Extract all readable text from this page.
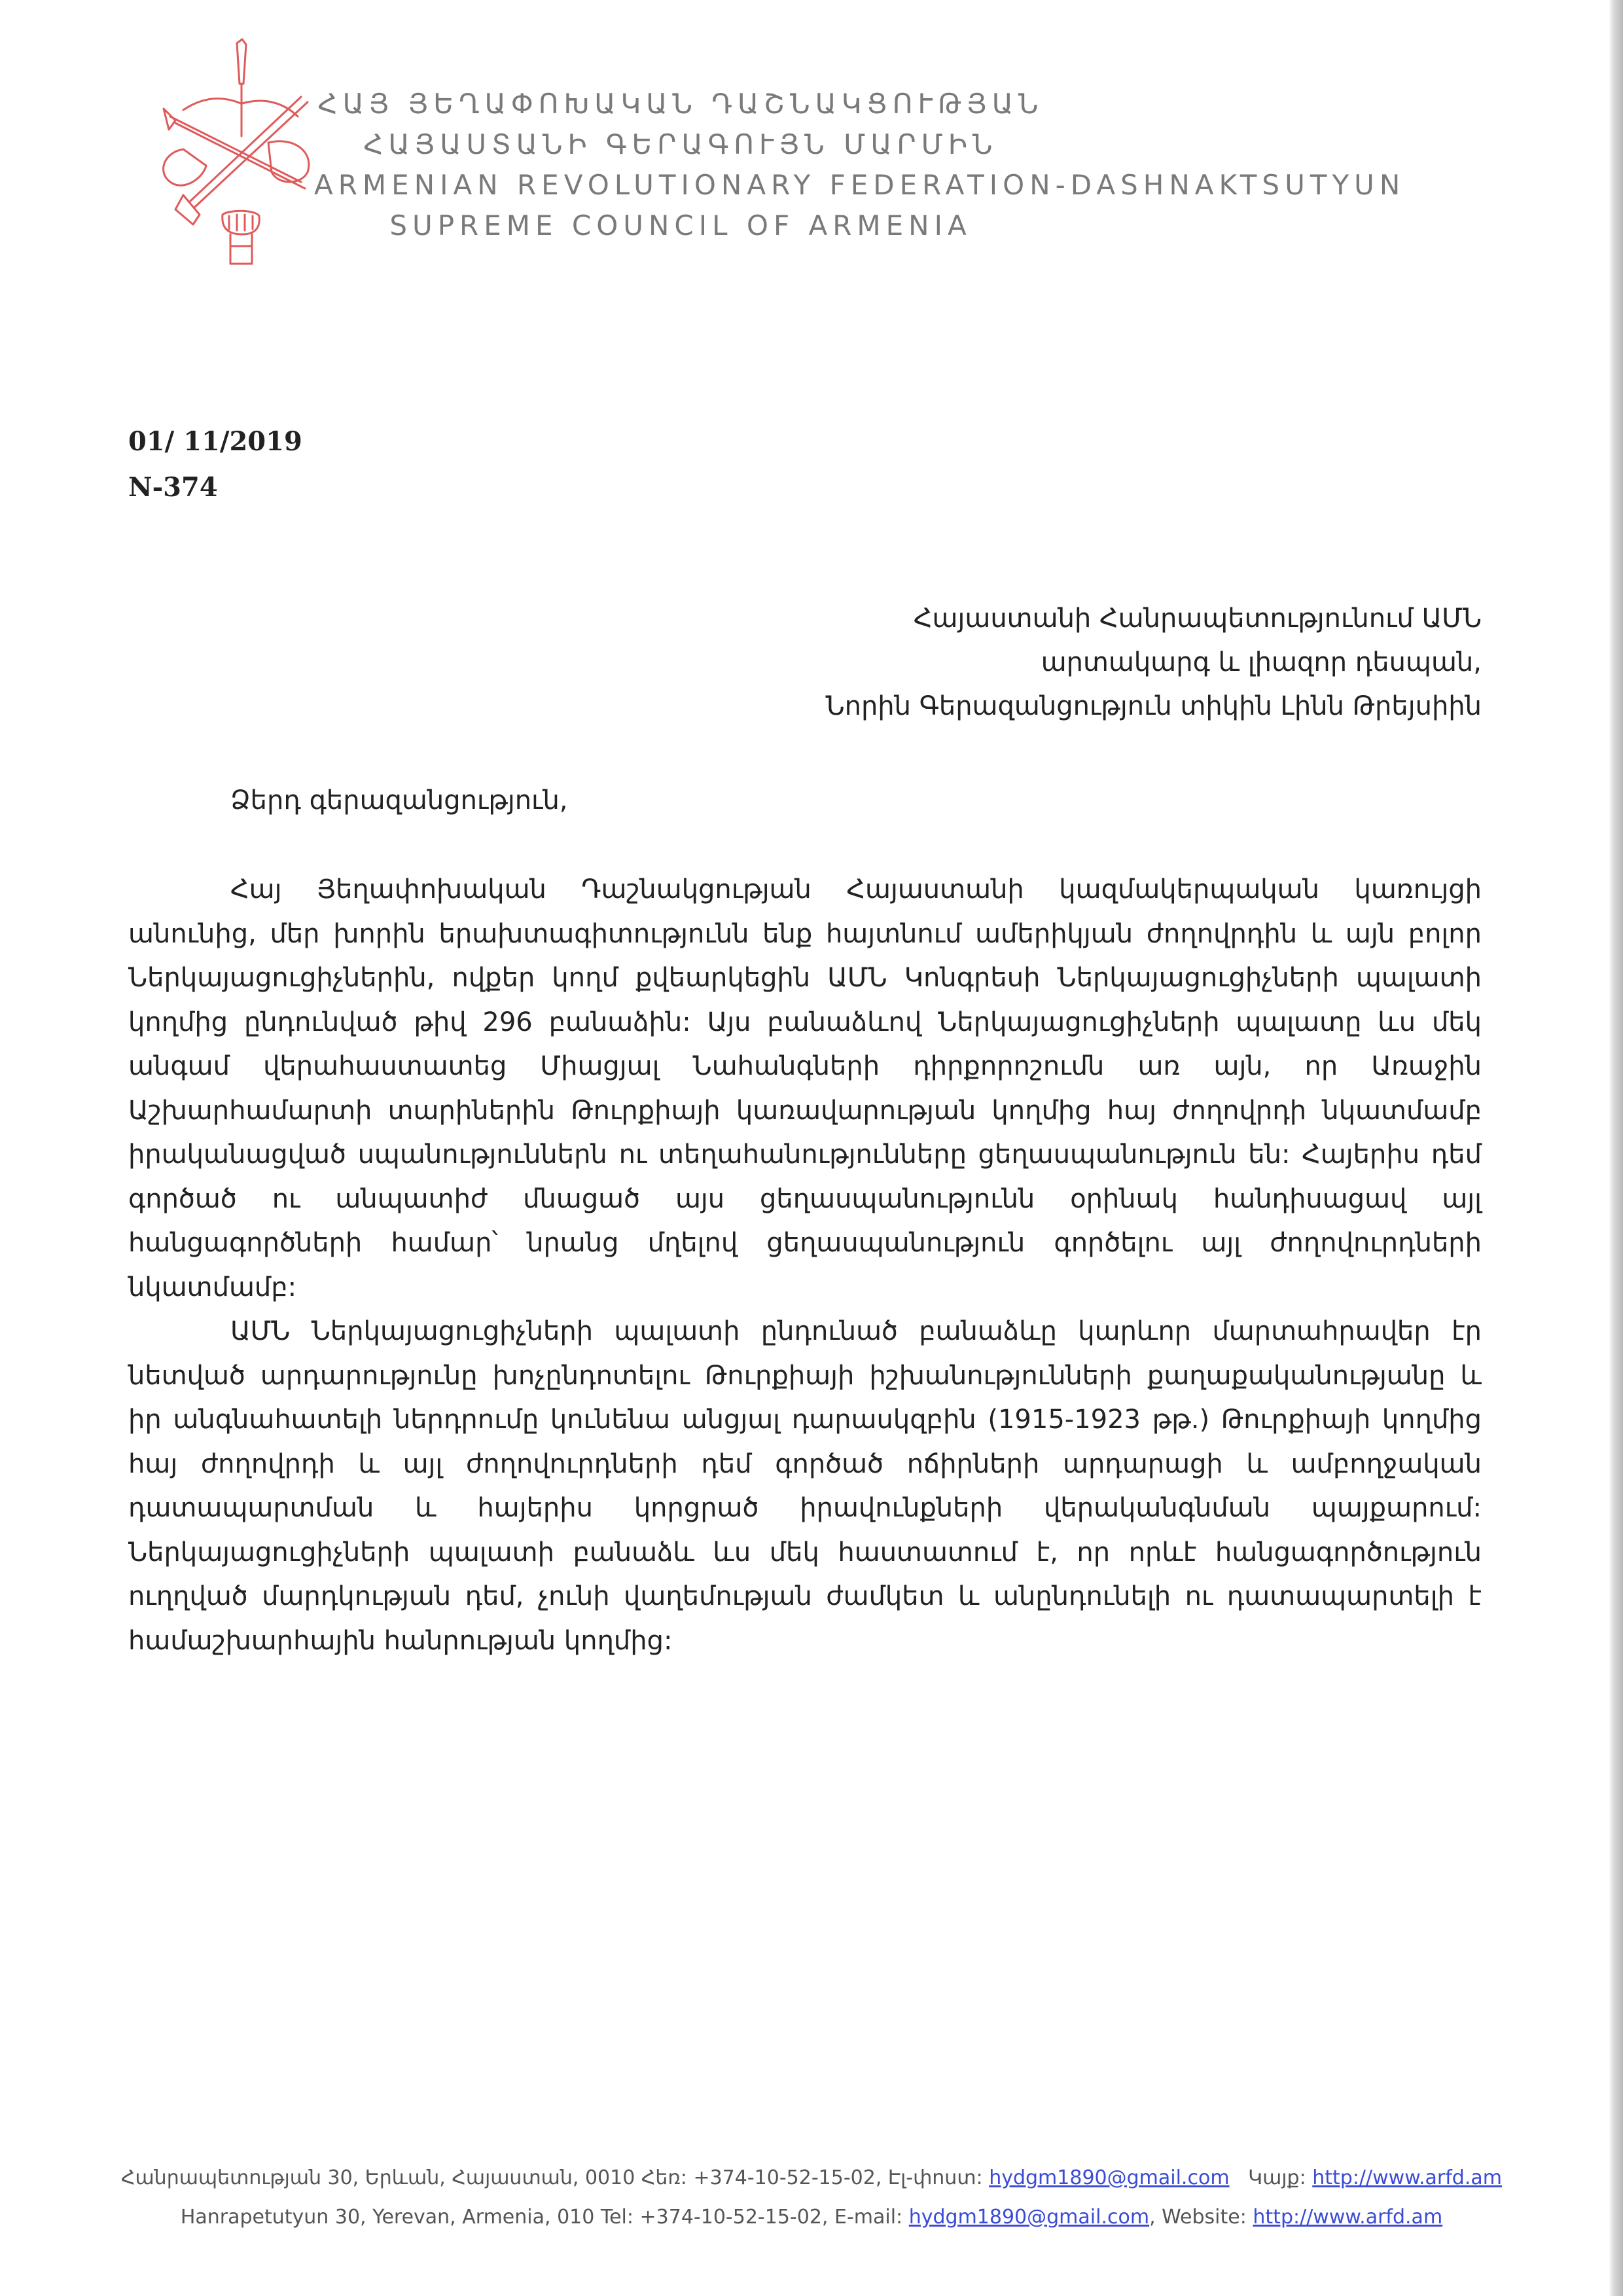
ՀԱՅ ՅԵՂԱՓՈԽԱԿԱՆ ԴԱՇՆԱԿՑՈՒԹՅԱՆ
ՀԱՅԱՍՏԱՆԻ ԳԵՐԱԳՈՒՅՆ ՄԱՐՄԻՆ
ARMENIAN REVOLUTIONARY FEDERATION-DASHNAKTSUTYUN
SUPREME COUNCIL OF ARMENIA
01/ 11/2019
N-374
Հայաստանի Հանրապետությունում ԱՄՆ
արտակարգ և լիազոր դեսպան,
Նորին Գերազանցություն տիկին Լինն Թրեյսիին
Ձերդ գերազանցություն,

Հայ Յեղափոխական Դաշնակցության Հայաստանի կազմակերպական կառույցի անունից, մեր խորին երախտագիտությունն ենք հայտնում ամերիկյան ժողովրդին և այն բոլոր Ներկայացուցիչներին, ովքեր կողմ քվեարկեցին ԱՄՆ Կոնգրեսի Ներկայացուցիչների պալատի կողմից ընդունված թիվ 296 բանաձին: Այս բանաձևով Ներկայացուցիչների պալատը ևս մեկ անգամ վերահաստատեց Միացյալ Նահանգների դիրքորոշումն առ այն, որ Առաջին Աշխարհամարտի տարիներին Թուրքիայի կառավարության կողմից հայ ժողովրդի նկատմամբ իրականացված սպանություններն ու տեղահանությունները ցեղասպանություն են: Հայերիս դեմ գործած ու անպատիժ մնացած այս ցեղասպանությունն օրինակ հանդիսացավ այլ հանցագործների համար՝ նրանց մղելով ցեղասպանություն գործելու այլ ժողովուրդների նկատմամբ:

ԱՄՆ Ներկայացուցիչների պալատի ընդունած բանաձևը կարևոր մարտահրավեր էր նետված արդարությունը խոչընդոտելու Թուրքիայի իշխանությունների քաղաքականությանը և իր անգնահատելի ներդրումը կունենա անցյալ դարասկզբին (1915-1923 թթ.) Թուրքիայի կողմից հայ ժողովրդի և այլ ժողովուրդների դեմ գործած ոճիրների արդարացի և ամբողջական դատապարտման և հայերիս կորցրած իրավունքների վերականգնման պայքարում: Ներկայացուցիչների պալատի բանաձև ևս մեկ հաստատում է, որ որևէ հանցագործություն ուղղված մարդկության դեմ, չունի վաղեմության ժամկետ և անընդունելի ու դատապարտելի է համաշխարհային հանրության կողմից:

Հանրապետության 30, Երևան, Հայաստան, 0010 Հեռ: +374-10-52-15-02, Էլ-փոստ: hydgm1890@gmail.com Կայք: http://www.arfd.am
Hanrapetutyun 30, Yerevan, Armenia, 010 Tel: +374-10-52-15-02, E-mail: hydgm1890@gmail.com, Website: http://www.arfd.am
